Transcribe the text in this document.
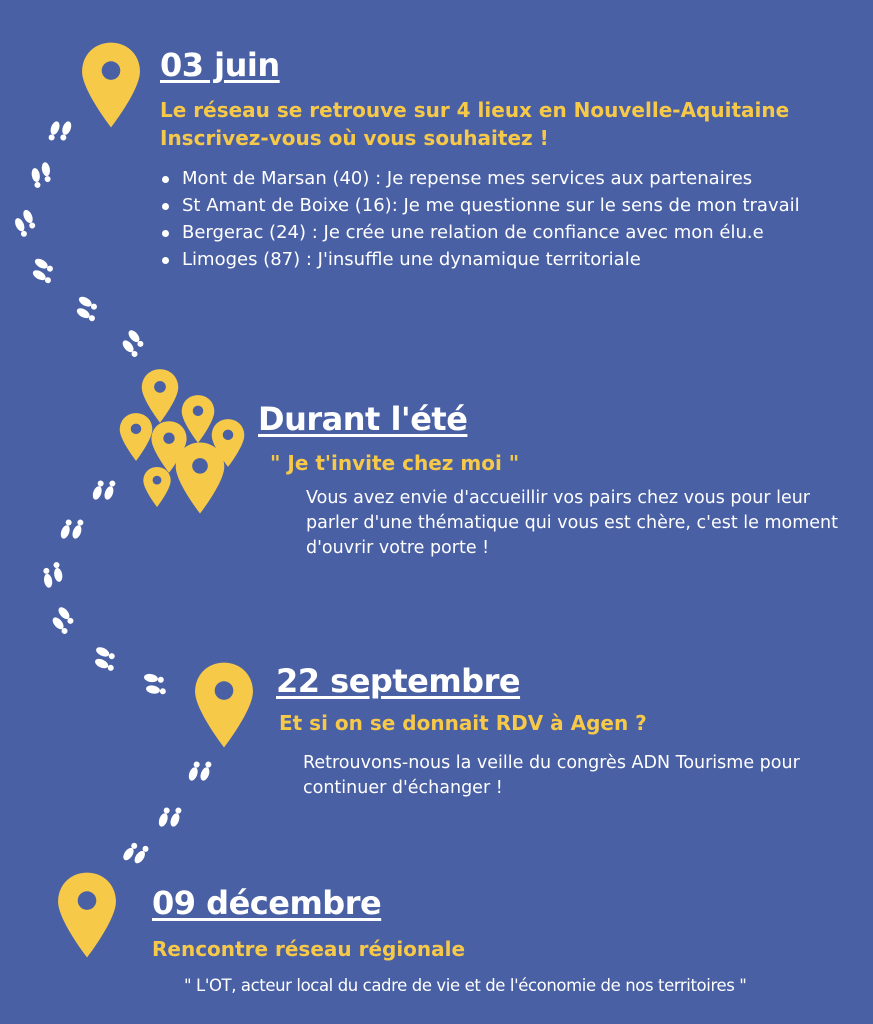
03 juin
Le réseau se retrouve sur 4 lieux en Nouvelle-Aquitaine
Inscrivez-vous où vous souhaitez !
Mont de Marsan (40) : Je repense mes services aux partenaires
St Amant de Boixe (16): Je me questionne sur le sens de mon travail
Bergerac (24) : Je crée une relation de confiance avec mon élu.e
Limoges (87) : J'insuffle une dynamique territoriale
Durant l'été
" Je t'invite chez moi "
Vous avez envie d'accueillir vos pairs chez vous pour leur parler d'une thématique qui vous est chère, c'est le moment d'ouvrir votre porte !
22 septembre
Et si on se donnait RDV à Agen ?
Retrouvons-nous la veille du congrès ADN Tourisme pour continuer d'échanger !
09 décembre
Rencontre réseau régionale
" L'OT, acteur local du cadre de vie et de l'économie de nos territoires "
